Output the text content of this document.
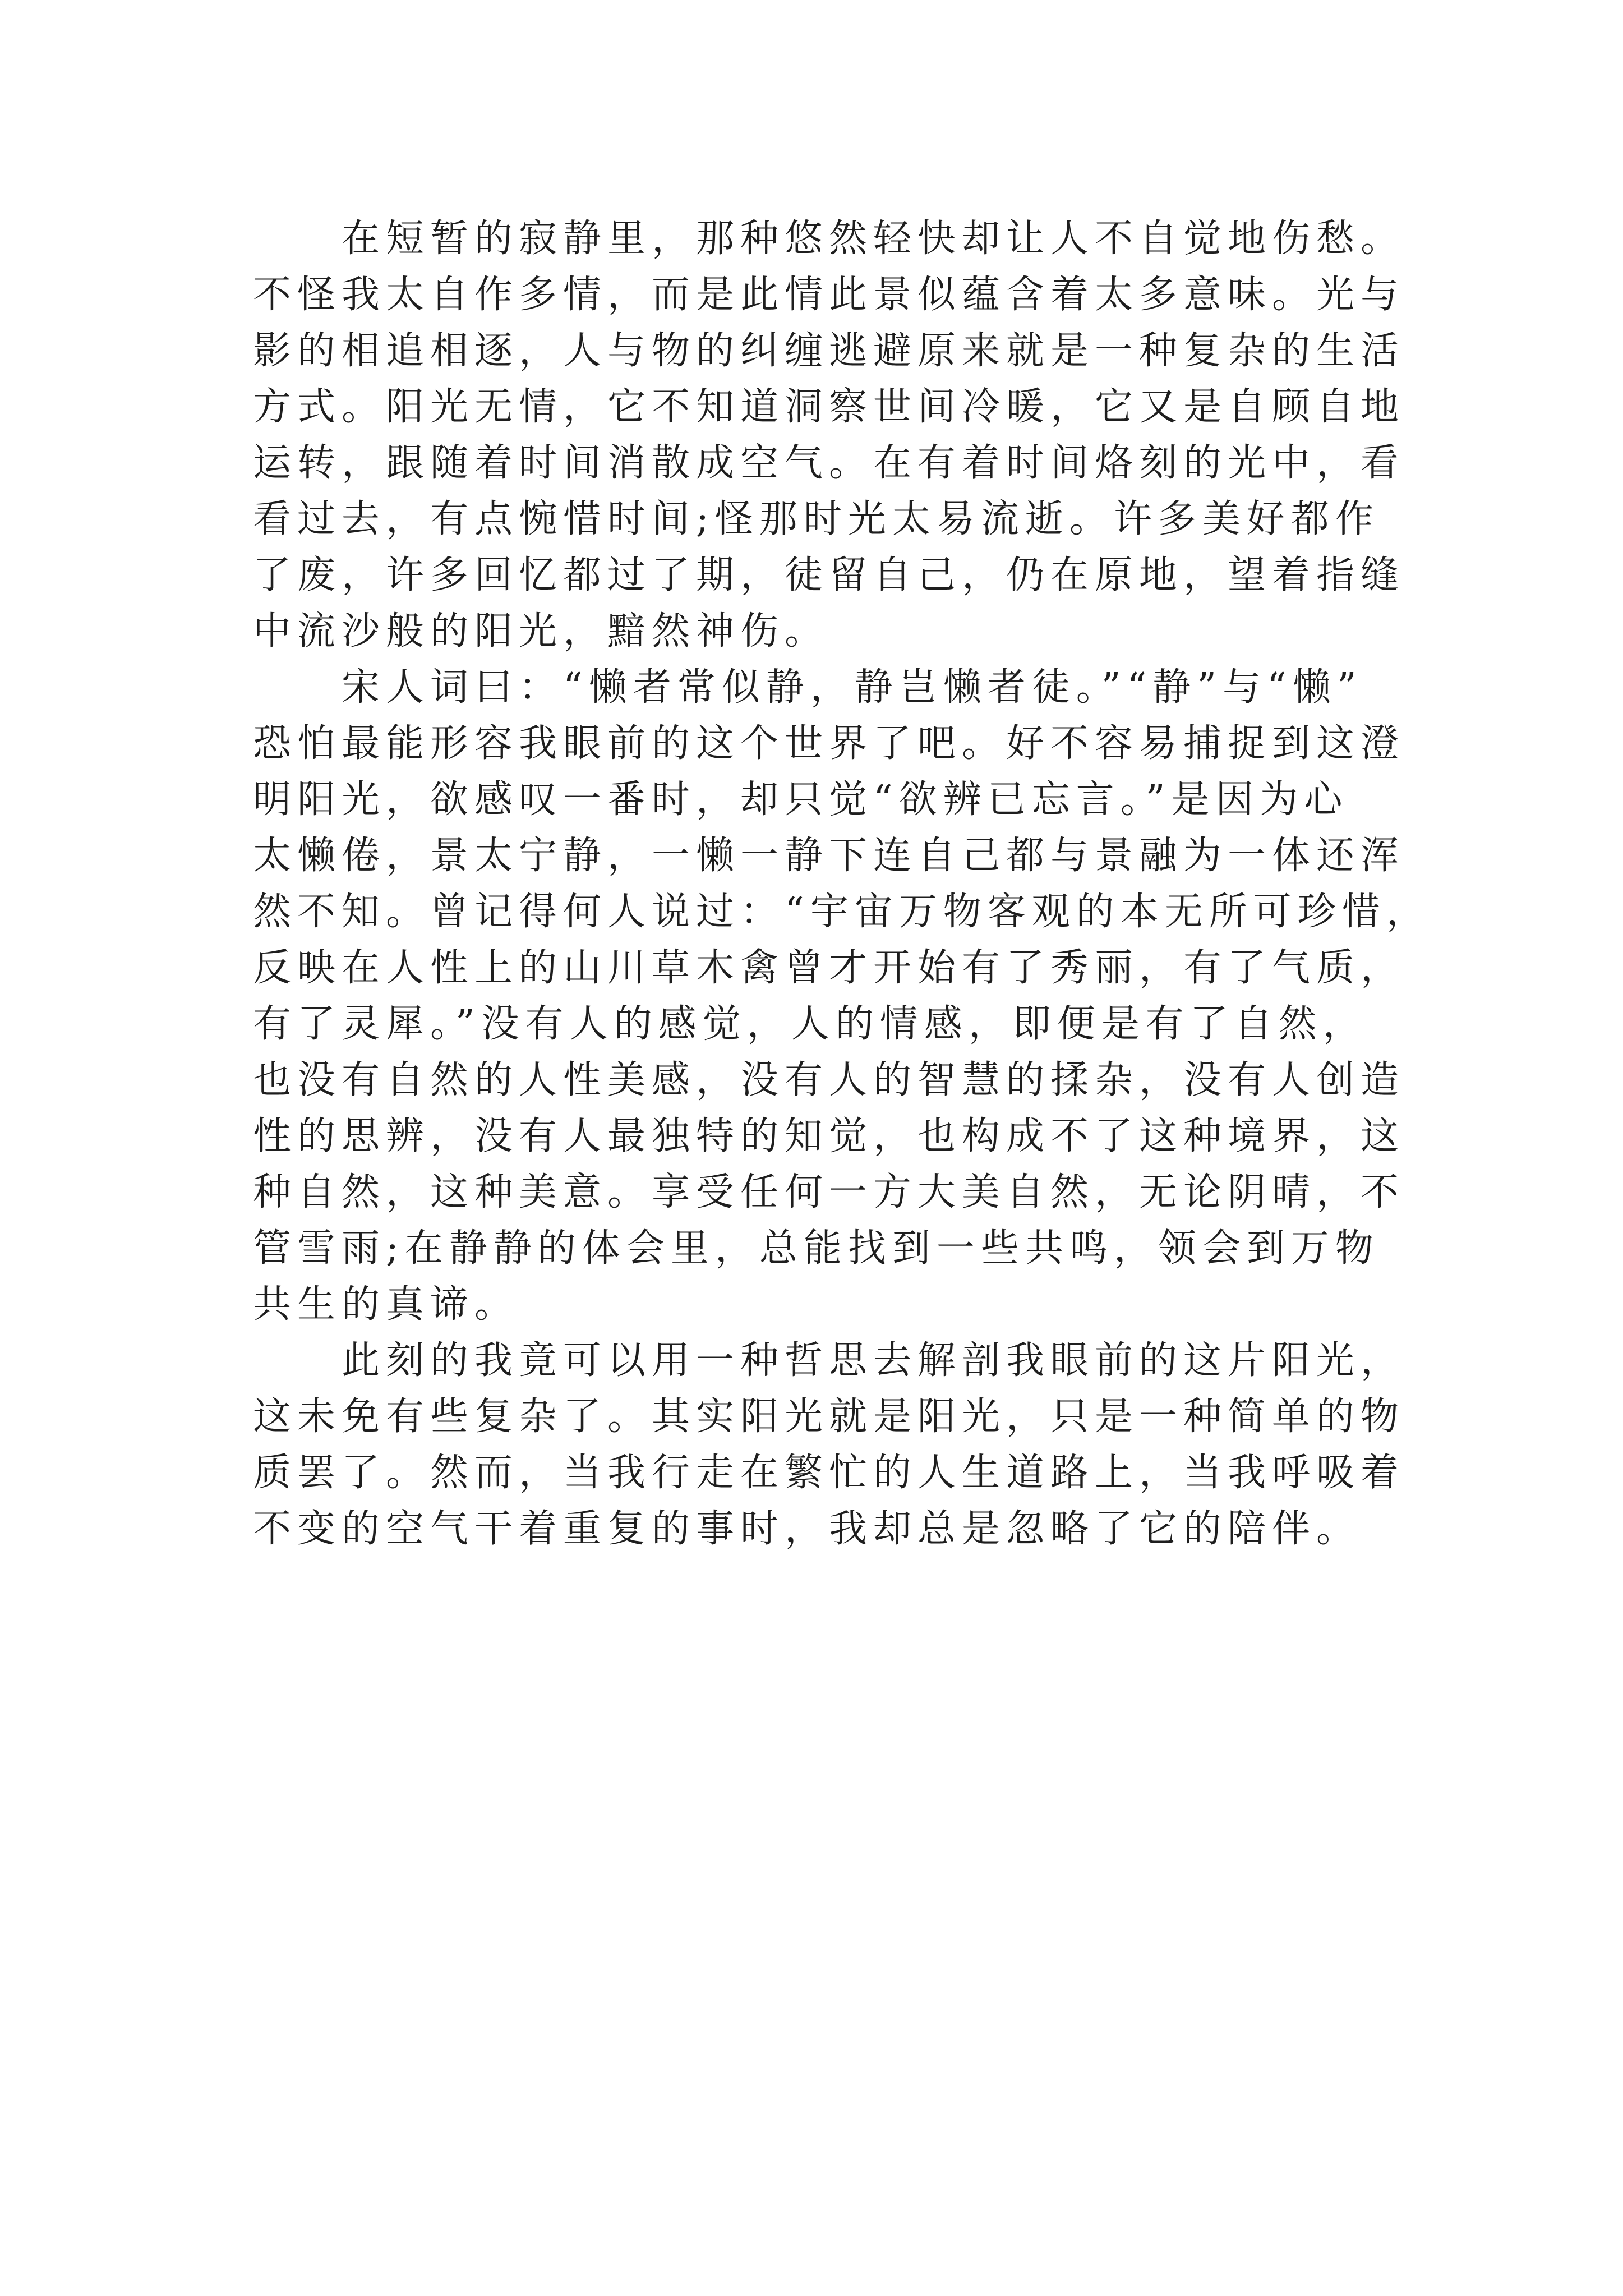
在短暂的寂静里，那种悠然轻快却让人不自觉地伤愁。
不怪我太自作多情，而是此情此景似蕴含着太多意味。光与
影的相追相逐，人与物的纠缠逃避原来就是一种复杂的生活
方式。阳光无情，它不知道洞察世间冷暖，它又是自顾自地
运转，跟随着时间消散成空气。在有着时间烙刻的光中，看
看过去，有点惋惜时间;怪那时光太易流逝。许多美好都作
了废，许多回忆都过了期，徒留自己，仍在原地，望着指缝
中流沙般的阳光，黯然神伤。
宋人词曰：“懒者常似静，静岂懒者徒。”“静”与“懒”
恐怕最能形容我眼前的这个世界了吧。好不容易捕捉到这澄
明阳光，欲感叹一番时，却只觉“欲辨已忘言。”是因为心
太懒倦，景太宁静，一懒一静下连自己都与景融为一体还浑
然不知。曾记得何人说过：“宇宙万物客观的本无所可珍惜，
反映在人性上的山川草木禽曾才开始有了秀丽，有了气质，
有了灵犀。”没有人的感觉，人的情感，即便是有了自然，
也没有自然的人性美感，没有人的智慧的揉杂，没有人创造
性的思辨，没有人最独特的知觉，也构成不了这种境界，这
种自然，这种美意。享受任何一方大美自然，无论阴晴，不
管雪雨;在静静的体会里，总能找到一些共鸣，领会到万物
共生的真谛。
此刻的我竟可以用一种哲思去解剖我眼前的这片阳光，
这未免有些复杂了。其实阳光就是阳光，只是一种简单的物
质罢了。然而，当我行走在繁忙的人生道路上，当我呼吸着
不变的空气干着重复的事时，我却总是忽略了它的陪伴。
